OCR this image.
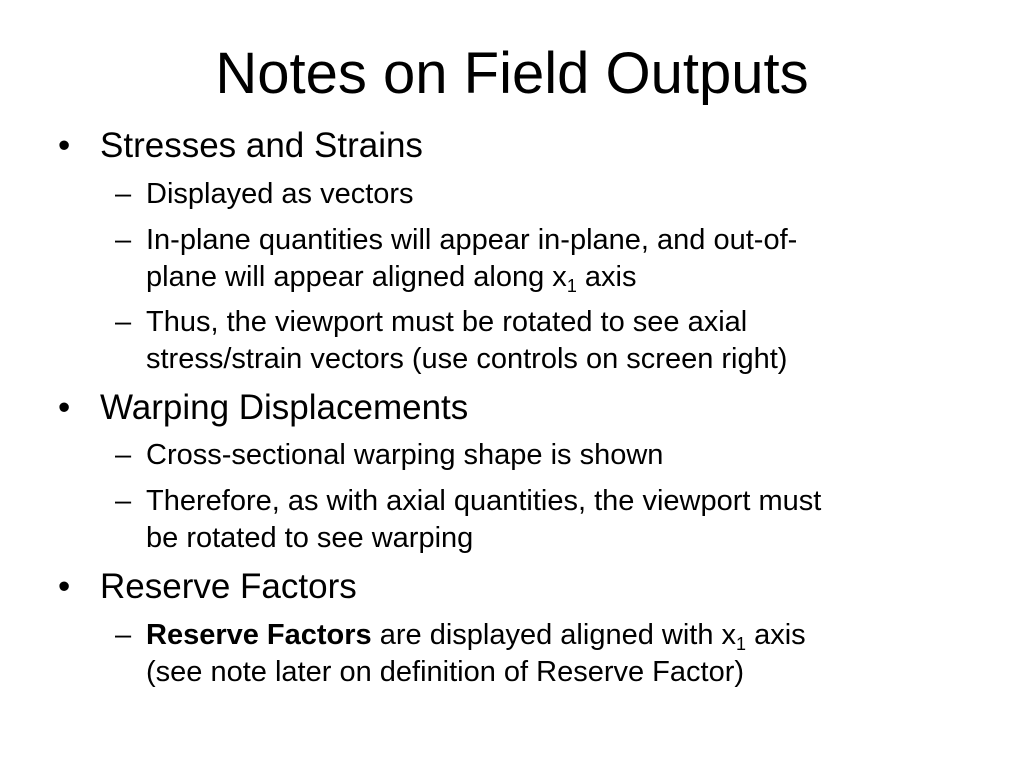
Notes on Field Outputs
• Stresses and Strains
– Displayed as vectors
– In-plane quantities will appear in-plane, and out-of-
plane will appear aligned along $x_1$ axis
– Thus, the viewport must be rotated to see axial
stress/strain vectors (use controls on screen right)
• Warping Displacements
– Cross-sectional warping shape is shown
– Therefore, as with axial quantities, the viewport must
be rotated to see warping
• Reserve Factors
– Reserve Factors are displayed aligned with $x_1$ axis
(see note later on definition of Reserve Factor)
